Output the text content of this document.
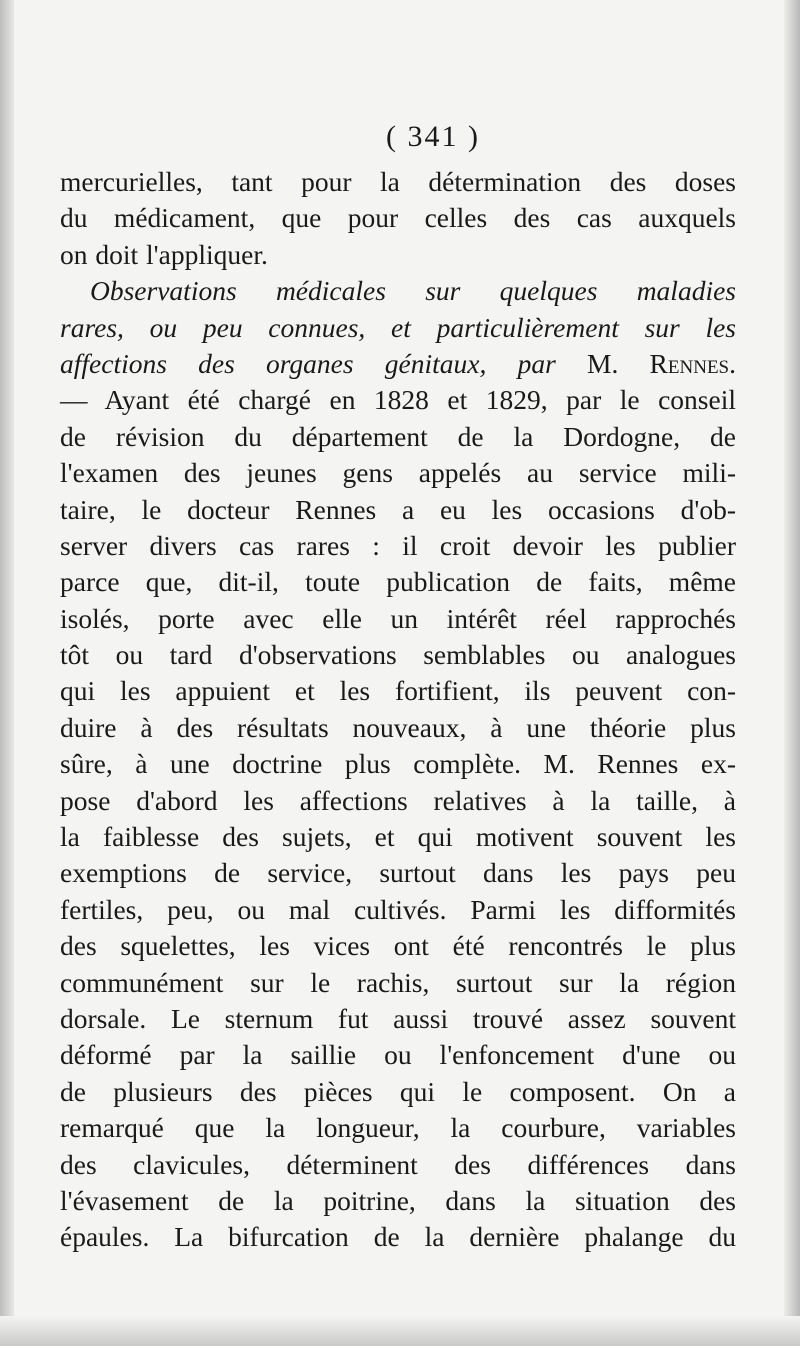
( 341 )
mercurielles, tant pour la détermination des doses
du médicament, que pour celles des cas auxquels
on doit l'appliquer.
Observations médicales sur quelques maladies
rares, ou peu connues, et particulièrement sur les
affections des organes génitaux, par M. Rennes.
— Ayant été chargé en 1828 et 1829, par le conseil
de révision du département de la Dordogne, de
l'examen des jeunes gens appelés au service mili-
taire, le docteur Rennes a eu les occasions d'ob-
server divers cas rares : il croit devoir les publier
parce que, dit-il, toute publication de faits, même
isolés, porte avec elle un intérêt réel rapprochés
tôt ou tard d'observations semblables ou analogues
qui les appuient et les fortifient, ils peuvent con-
duire à des résultats nouveaux, à une théorie plus
sûre, à une doctrine plus complète. M. Rennes ex-
pose d'abord les affections relatives à la taille, à
la faiblesse des sujets, et qui motivent souvent les
exemptions de service, surtout dans les pays peu
fertiles, peu, ou mal cultivés. Parmi les difformités
des squelettes, les vices ont été rencontrés le plus
communément sur le rachis, surtout sur la région
dorsale. Le sternum fut aussi trouvé assez souvent
déformé par la saillie ou l'enfoncement d'une ou
de plusieurs des pièces qui le composent. On a
remarqué que la longueur, la courbure, variables
des clavicules, déterminent des différences dans
l'évasement de la poitrine, dans la situation des
épaules. La bifurcation de la dernière phalange du
